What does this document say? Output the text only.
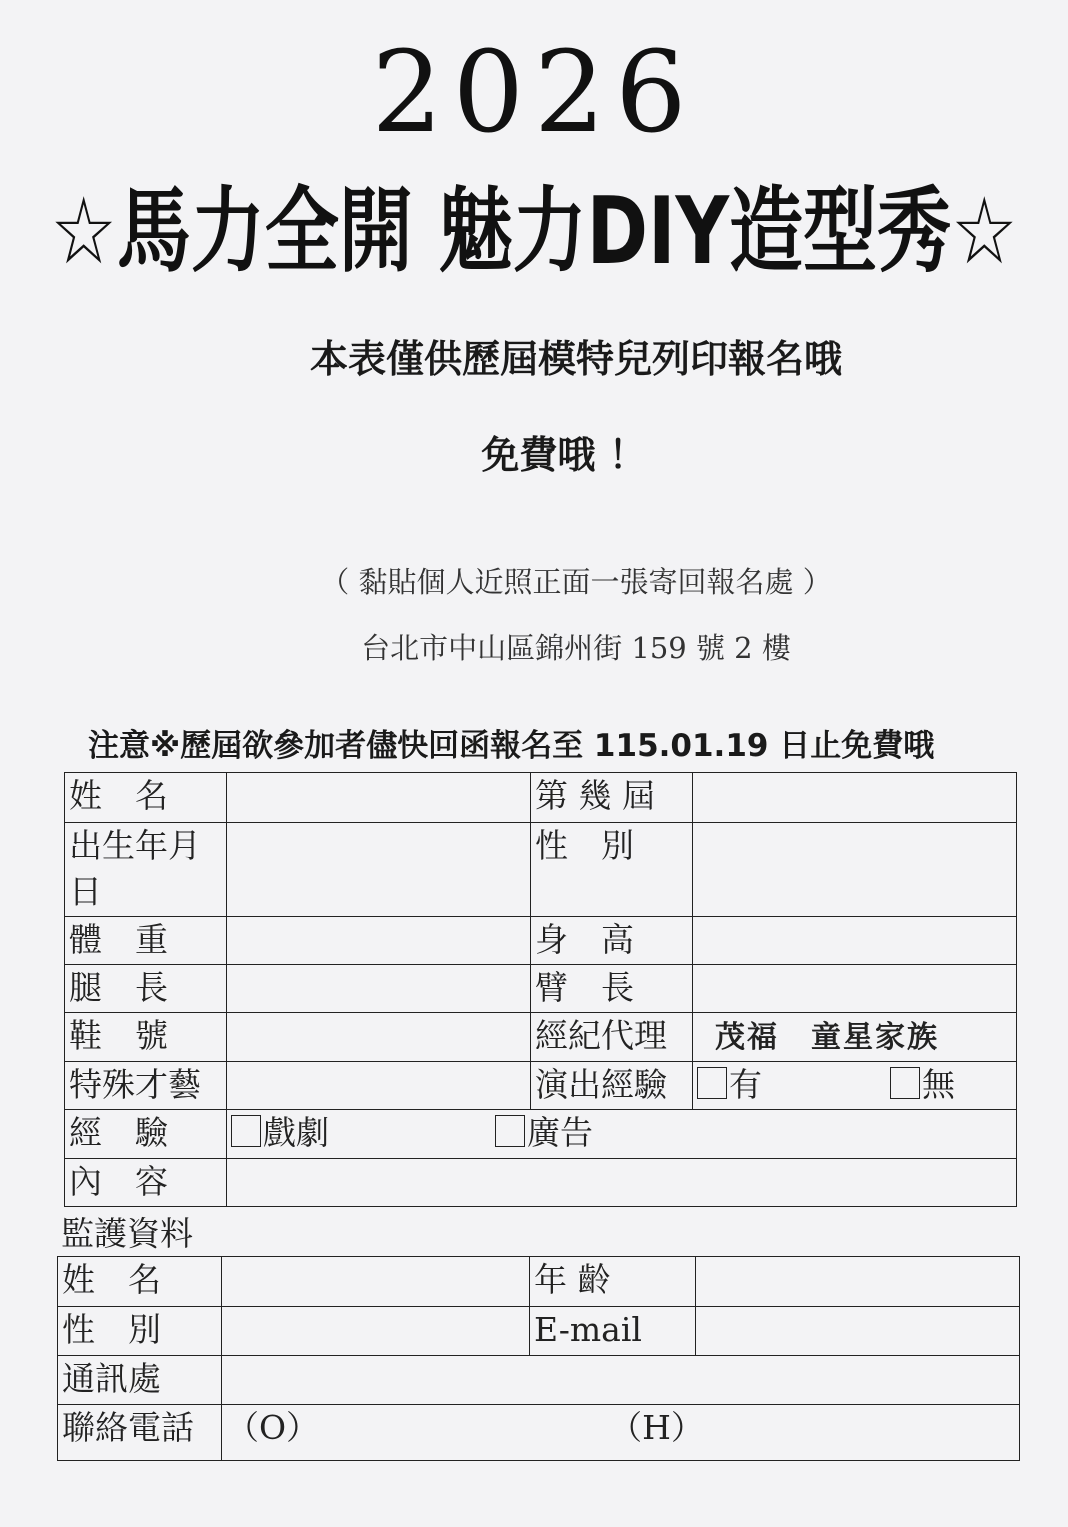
2026
☆馬力全開 魅力DIY造型秀☆
本表僅供歷屆模特兒列印報名哦
免費哦 ！
（ 黏貼個人近照正面一張寄回報名處 ）
台北市中山區錦州街 159 號 2 樓
注意※歷屆欲參加者儘快回函報名至 115.01.19 日止免費哦
姓　名		第 幾 屆	
出生年月日		性　別	
體　重		身　高	
腿　長		臂　長	
鞋　號		經紀代理	茂福　童星家族
特殊才藝		演出經驗	有 無
經　驗	戲劇 廣告		
內　容			
監護資料
姓　名		年 齡	
性　別		E-mail	
通訊處			
聯絡電話	（O） （H）		
